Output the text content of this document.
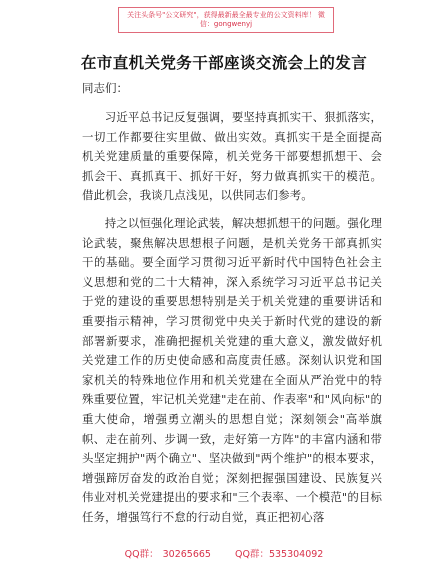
关注头条号"公文研究"，获得最新最全最专业的公文资料库！ 微信：gongwenyj
在市直机关党务干部座谈交流会上的发言
同志们：

习近平总书记反复强调，要坚持真抓实干、狠抓落实，一切工作都要往实里做、做出实效。真抓实干是全面提高机关党建质量的重要保障，机关党务干部要想抓想干、会抓会干、真抓真干、抓好干好，努力做真抓实干的模范。借此机会，我谈几点浅见，以供同志们参考。

持之以恒强化理论武装，解决想抓想干的问题。强化理论武装，聚焦解决思想根子问题，是机关党务干部真抓实干的基础。要全面学习贯彻习近平新时代中国特色社会主义思想和党的二十大精神，深入系统学习习近平总书记关于党的建设的重要思想特别是关于机关党建的重要讲话和重要指示精神，学习贯彻党中央关于新时代党的建设的新部署新要求，准确把握机关党建的重大意义，激发做好机关党建工作的历史使命感和高度责任感。深刻认识党和国家机关的特殊地位作用和机关党建在全面从严治党中的特殊重要位置，牢记机关党建"走在前、作表率"和"风向标"的重大使命，增强勇立潮头的思想自觉；深刻领会"高举旗帜、走在前列、步调一致，走好第一方阵"的丰富内涵和带头坚定拥护"两个确立"、坚决做到"两个维护"的根本要求，增强蹄厉奋发的政治自觉；深刻把握强国建设、民族复兴伟业对机关党建提出的要求和"三个表率、一个模范"的目标任务，增强笃行不怠的行动自觉，真正把初心落

QQ群： 30265665	QQ群：535304092
